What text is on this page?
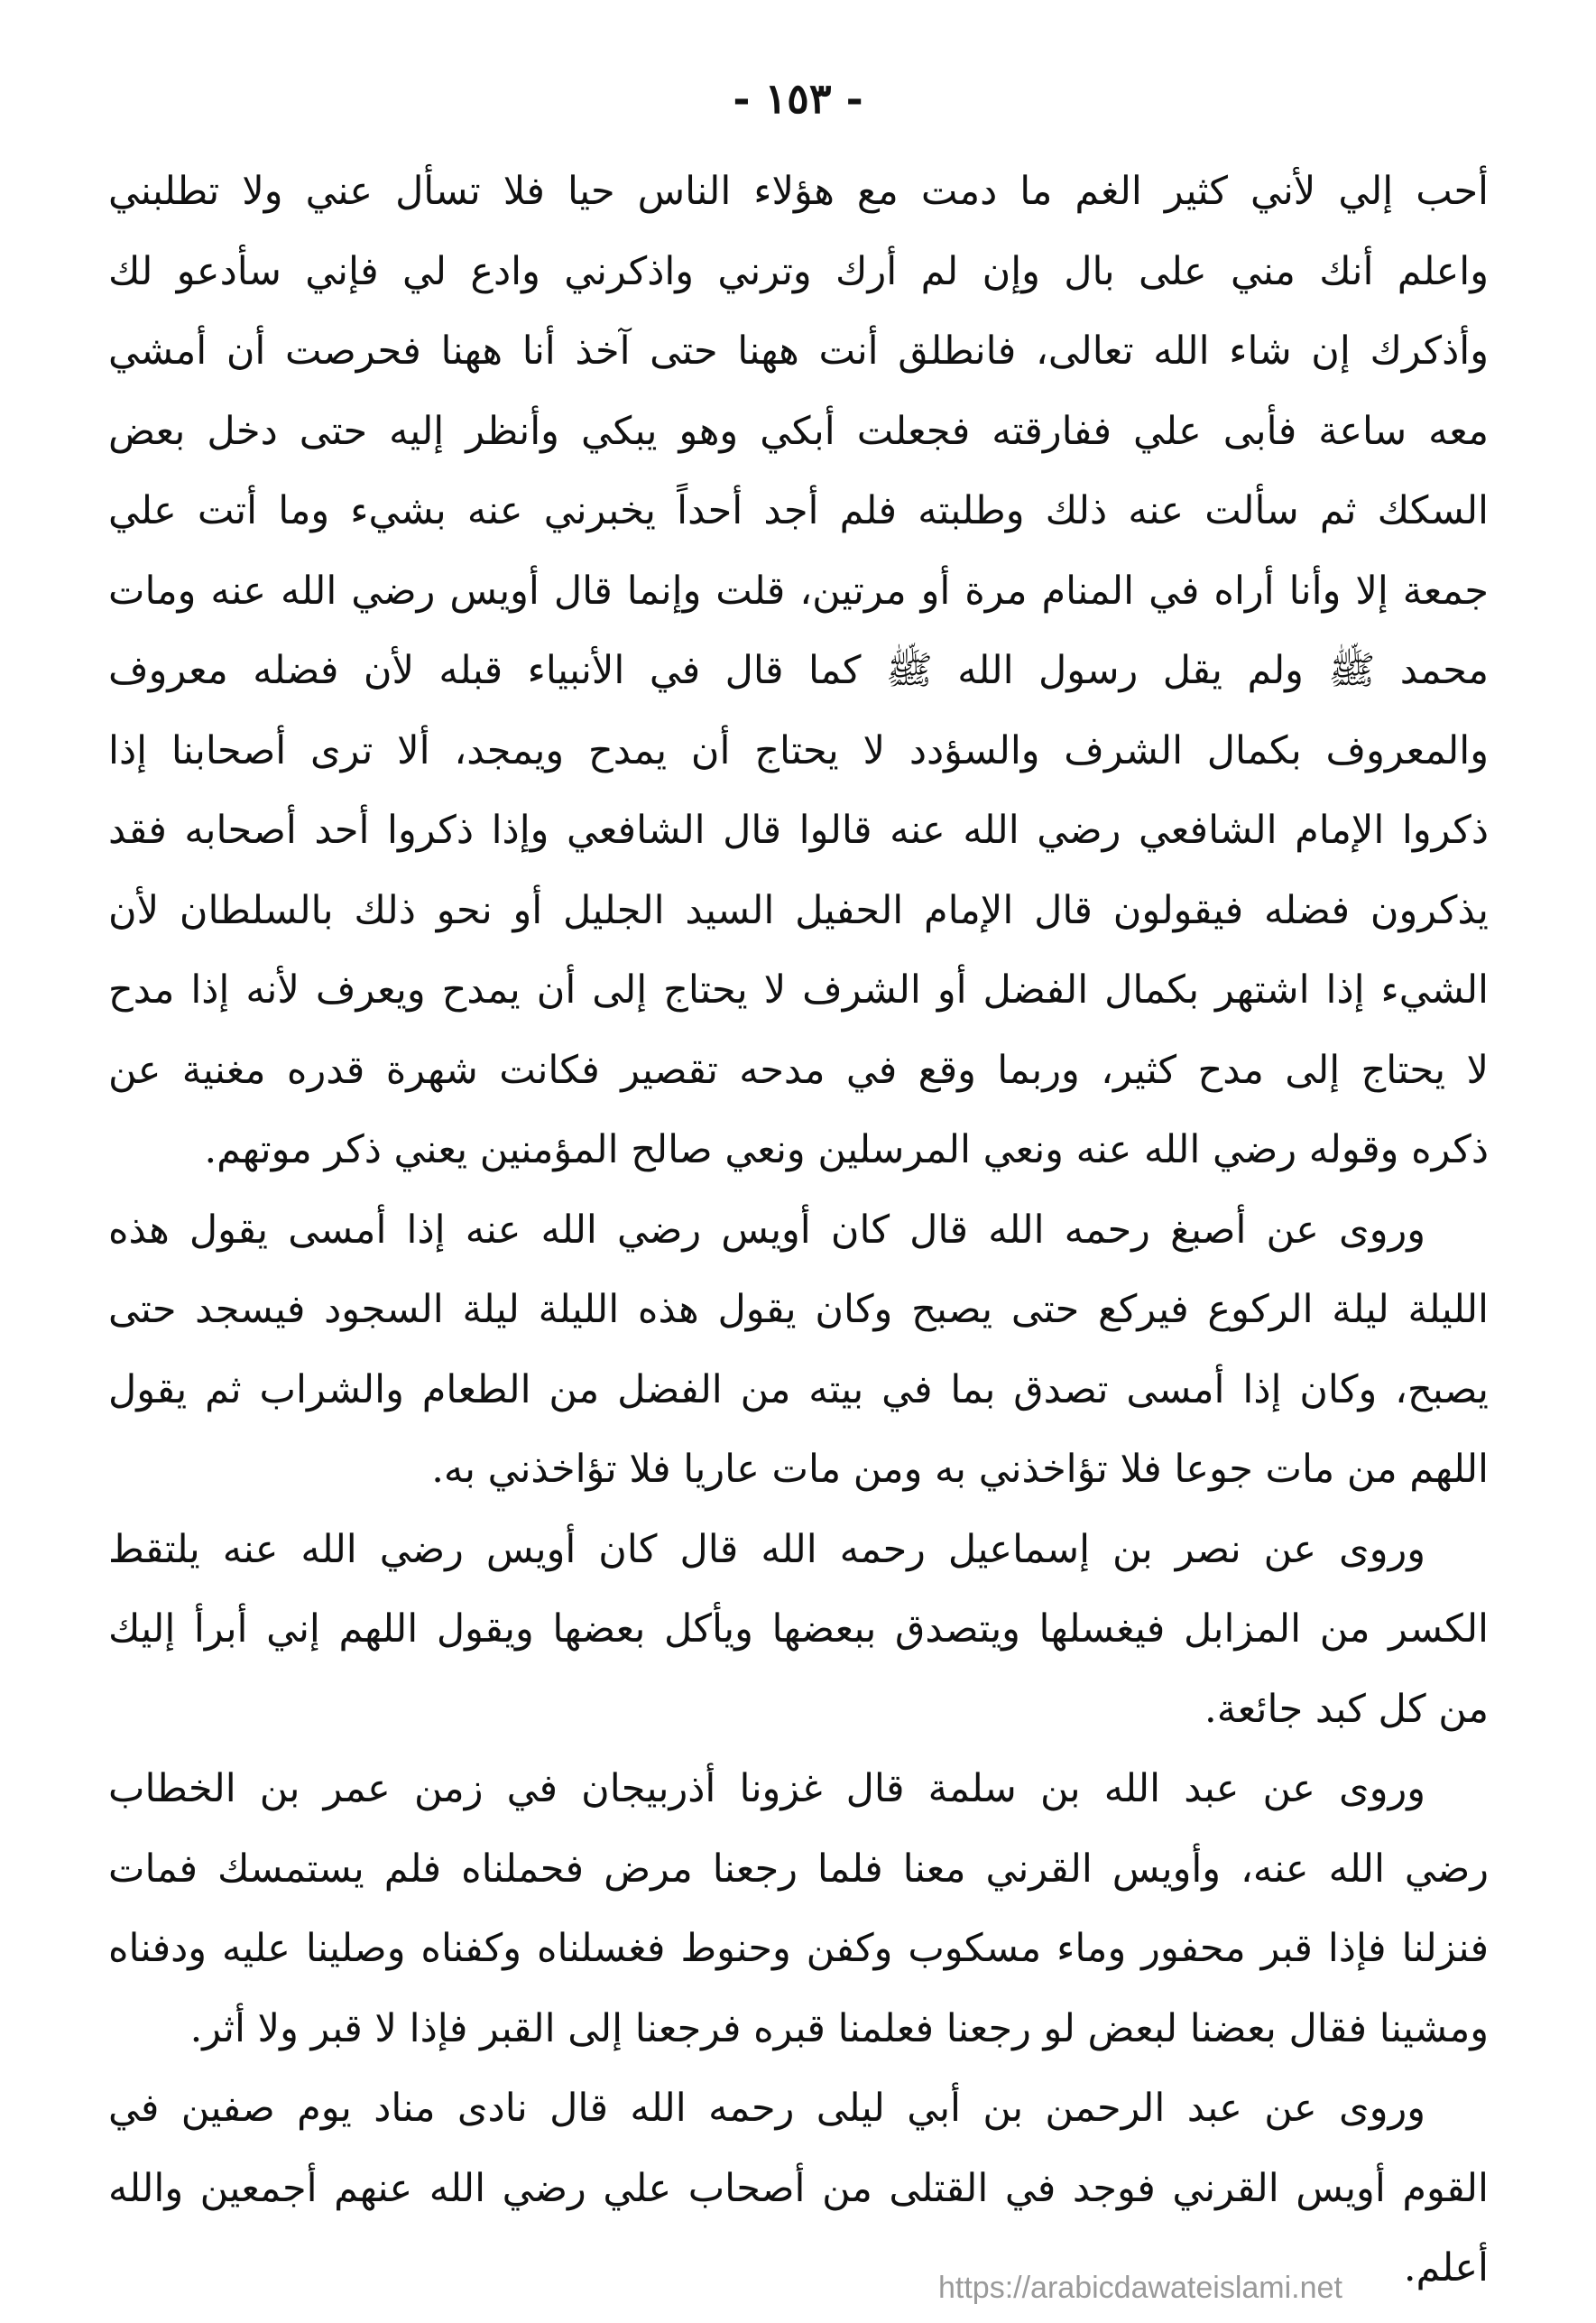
- ١٥٣ -
أحب إلي لأني كثير الغم ما دمت مع هؤلاء الناس حيا فلا تسأل عني ولا تطلبني
واعلم أنك مني على بال وإن لم أرك وترني واذكرني وادع لي فإني سأدعو لك
وأذكرك إن شاء الله تعالى، فانطلق أنت ههنا حتى آخذ أنا ههنا فحرصت أن أمشي
معه ساعة فأبى علي ففارقته فجعلت أبكي وهو يبكي وأنظر إليه حتى دخل بعض
السكك ثم سألت عنه ذلك وطلبته فلم أجد أحداً يخبرني عنه بشيء وما أتت علي
جمعة إلا وأنا أراه في المنام مرة أو مرتين، قلت وإنما قال أويس رضي الله عنه ومات
محمد ﷺ ولم يقل رسول الله ﷺ كما قال في الأنبياء قبله لأن فضله معروف
والمعروف بكمال الشرف والسؤدد لا يحتاج أن يمدح ويمجد، ألا ترى أصحابنا إذا
ذكروا الإمام الشافعي رضي الله عنه قالوا قال الشافعي وإذا ذكروا أحد أصحابه فقد
يذكرون فضله فيقولون قال الإمام الحفيل السيد الجليل أو نحو ذلك بالسلطان لأن
الشيء إذا اشتهر بكمال الفضل أو الشرف لا يحتاج إلى أن يمدح ويعرف لأنه إذا مدح
لا يحتاج إلى مدح كثير، وربما وقع في مدحه تقصير فكانت شهرة قدره مغنية عن
ذكره وقوله رضي الله عنه ونعي المرسلين ونعي صالح المؤمنين يعني ذكر موتهم.
وروى عن أصبغ رحمه الله قال كان أويس رضي الله عنه إذا أمسى يقول هذه
الليلة ليلة الركوع فيركع حتى يصبح وكان يقول هذه الليلة ليلة السجود فيسجد حتى
يصبح، وكان إذا أمسى تصدق بما في بيته من الفضل من الطعام والشراب ثم يقول
اللهم من مات جوعا فلا تؤاخذني به ومن مات عاريا فلا تؤاخذني به.
وروى عن نصر بن إسماعيل رحمه الله قال كان أويس رضي الله عنه يلتقط
الكسر من المزابل فيغسلها ويتصدق ببعضها ويأكل بعضها ويقول اللهم إني أبرأ إليك
من كل كبد جائعة.
وروى عن عبد الله بن سلمة قال غزونا أذربيجان في زمن عمر بن الخطاب
رضي الله عنه، وأويس القرني معنا فلما رجعنا مرض فحملناه فلم يستمسك فمات
فنزلنا فإذا قبر محفور وماء مسكوب وكفن وحنوط فغسلناه وكفناه وصلينا عليه ودفناه
ومشينا فقال بعضنا لبعض لو رجعنا فعلمنا قبره فرجعنا إلى القبر فإذا لا قبر ولا أثر.
وروى عن عبد الرحمن بن أبي ليلى رحمه الله قال نادى مناد يوم صفين في
القوم أويس القرني فوجد في القتلى من أصحاب علي رضي الله عنهم أجمعين والله
أعلم.
https://arabicdawateislami.net
